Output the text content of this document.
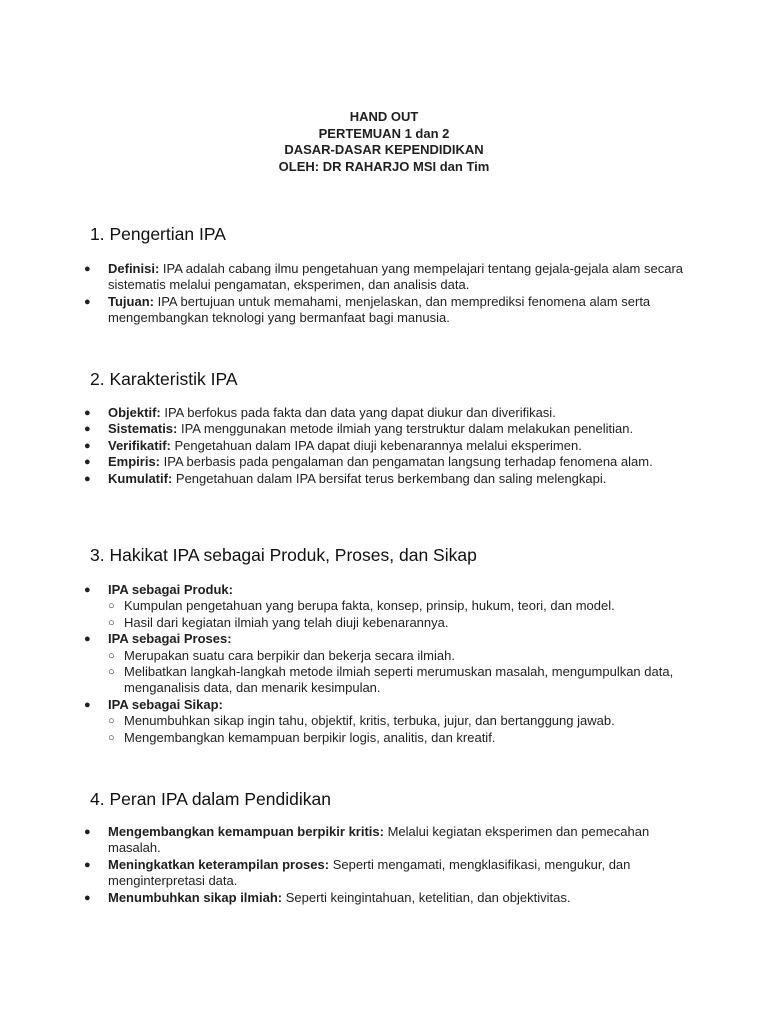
HAND OUT
PERTEMUAN 1 dan 2
DASAR-DASAR KEPENDIDIKAN
OLEH: DR RAHARJO MSI dan Tim
1. Pengertian IPA
●	Definisi: IPA adalah cabang ilmu pengetahuan yang mempelajari tentang gejala-gejala alam secara sistematis melalui pengamatan, eksperimen, dan analisis data.
●	Tujuan: IPA bertujuan untuk memahami, menjelaskan, dan memprediksi fenomena alam serta mengembangkan teknologi yang bermanfaat bagi manusia.
2. Karakteristik IPA
●	Objektif: IPA berfokus pada fakta dan data yang dapat diukur dan diverifikasi.
●	Sistematis: IPA menggunakan metode ilmiah yang terstruktur dalam melakukan penelitian.
●	Verifikatif: Pengetahuan dalam IPA dapat diuji kebenarannya melalui eksperimen.
●	Empiris: IPA berbasis pada pengalaman dan pengamatan langsung terhadap fenomena alam.
●	Kumulatif: Pengetahuan dalam IPA bersifat terus berkembang dan saling melengkapi.
3. Hakikat IPA sebagai Produk, Proses, dan Sikap
●	IPA sebagai Produk:
○ Kumpulan pengetahuan yang berupa fakta, konsep, prinsip, hukum, teori, dan model.
○ Hasil dari kegiatan ilmiah yang telah diuji kebenarannya.
●	IPA sebagai Proses:
○ Merupakan suatu cara berpikir dan bekerja secara ilmiah.
○ Melibatkan langkah-langkah metode ilmiah seperti merumuskan masalah, mengumpulkan data, menganalisis data, dan menarik kesimpulan.
●	IPA sebagai Sikap:
○ Menumbuhkan sikap ingin tahu, objektif, kritis, terbuka, jujur, dan bertanggung jawab.
○ Mengembangkan kemampuan berpikir logis, analitis, dan kreatif.
4. Peran IPA dalam Pendidikan
●	Mengembangkan kemampuan berpikir kritis: Melalui kegiatan eksperimen dan pemecahan masalah.
●	Meningkatkan keterampilan proses: Seperti mengamati, mengklasifikasi, mengukur, dan menginterpretasi data.
●	Menumbuhkan sikap ilmiah: Seperti keingintahuan, ketelitian, dan objektivitas.
